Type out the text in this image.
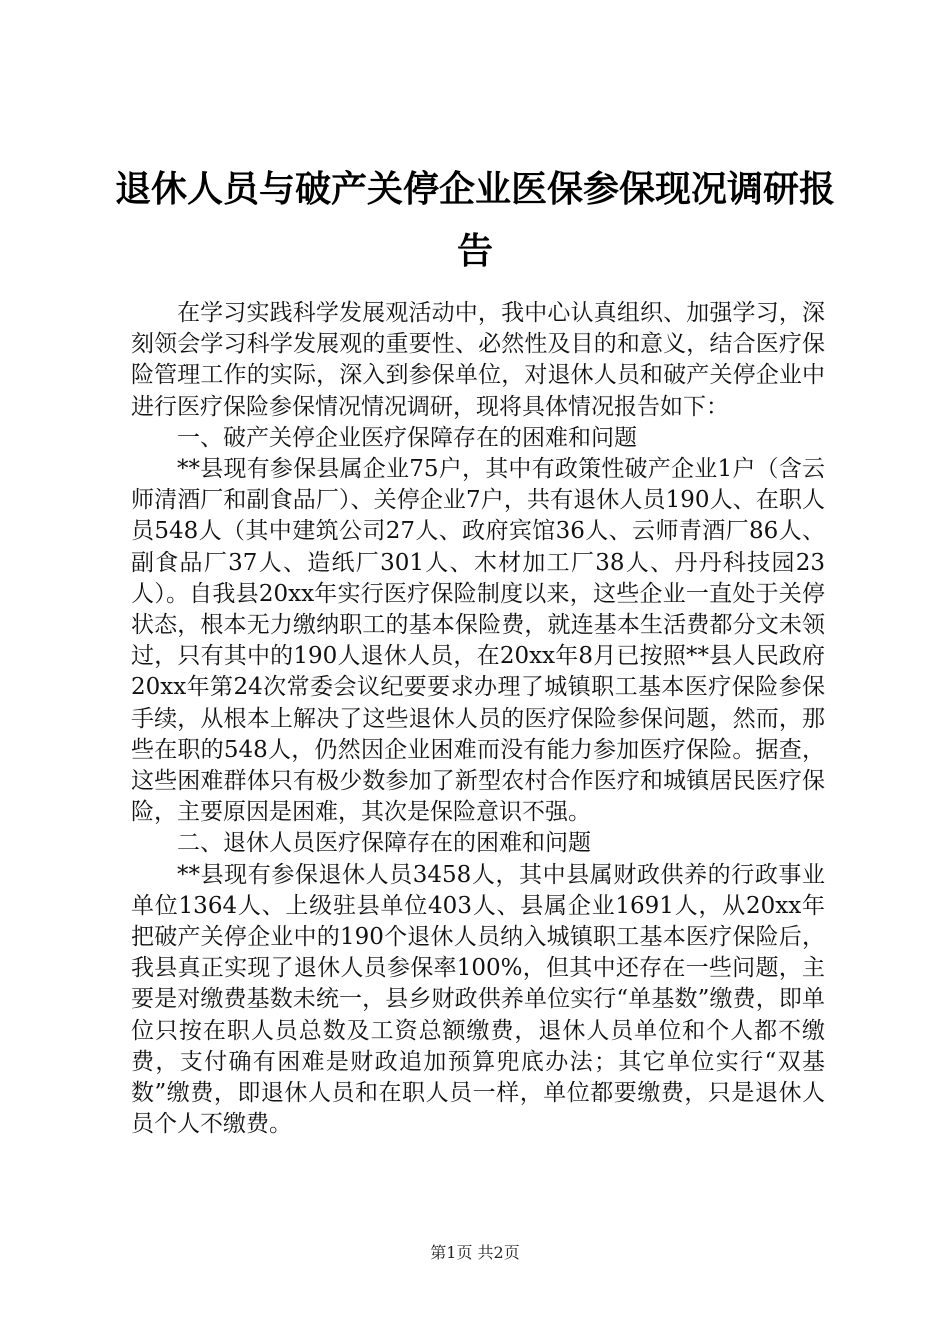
退休人员与破产关停企业医保参保现况调研报告

在学习实践科学发展观活动中，我中心认真组织、加强学习，深刻领会学习科学发展观的重要性、必然性及目的和意义，结合医疗保险管理工作的实际，深入到参保单位，对退休人员和破产关停企业中进行医疗保险参保情况情况调研，现将具体情况报告如下：

一、破产关停企业医疗保障存在的困难和问题

**县现有参保县属企业75户，其中有政策性破产企业1户（含云师清酒厂和副食品厂）、关停企业7户，共有退休人员190人、在职人员548人（其中建筑公司27人、政府宾馆36人、云师青酒厂86人、副食品厂37人、造纸厂301人、木材加工厂38人、丹丹科技园23人）。自我县20xx年实行医疗保险制度以来，这些企业一直处于关停状态，根本无力缴纳职工的基本保险费，就连基本生活费都分文未领过，只有其中的190人退休人员，在20xx年8月已按照**县人民政府20xx年第24次常委会议纪要要求办理了城镇职工基本医疗保险参保手续，从根本上解决了这些退休人员的医疗保险参保问题，然而，那些在职的548人，仍然因企业困难而没有能力参加医疗保险。据查，这些困难群体只有极少数参加了新型农村合作医疗和城镇居民医疗保险，主要原因是困难，其次是保险意识不强。

二、退休人员医疗保障存在的困难和问题

**县现有参保退休人员3458人，其中县属财政供养的行政事业单位1364人、上级驻县单位403人、县属企业1691人，从20xx年把破产关停企业中的190个退休人员纳入城镇职工基本医疗保险后，我县真正实现了退休人员参保率100%，但其中还存在一些问题，主要是对缴费基数未统一，县乡财政供养单位实行“单基数”缴费，即单位只按在职人员总数及工资总额缴费，退休人员单位和个人都不缴费，支付确有困难是财政追加预算兜底办法；其它单位实行“双基数”缴费，即退休人员和在职人员一样，单位都要缴费，只是退休人员个人不缴费。

第1页 共2页
